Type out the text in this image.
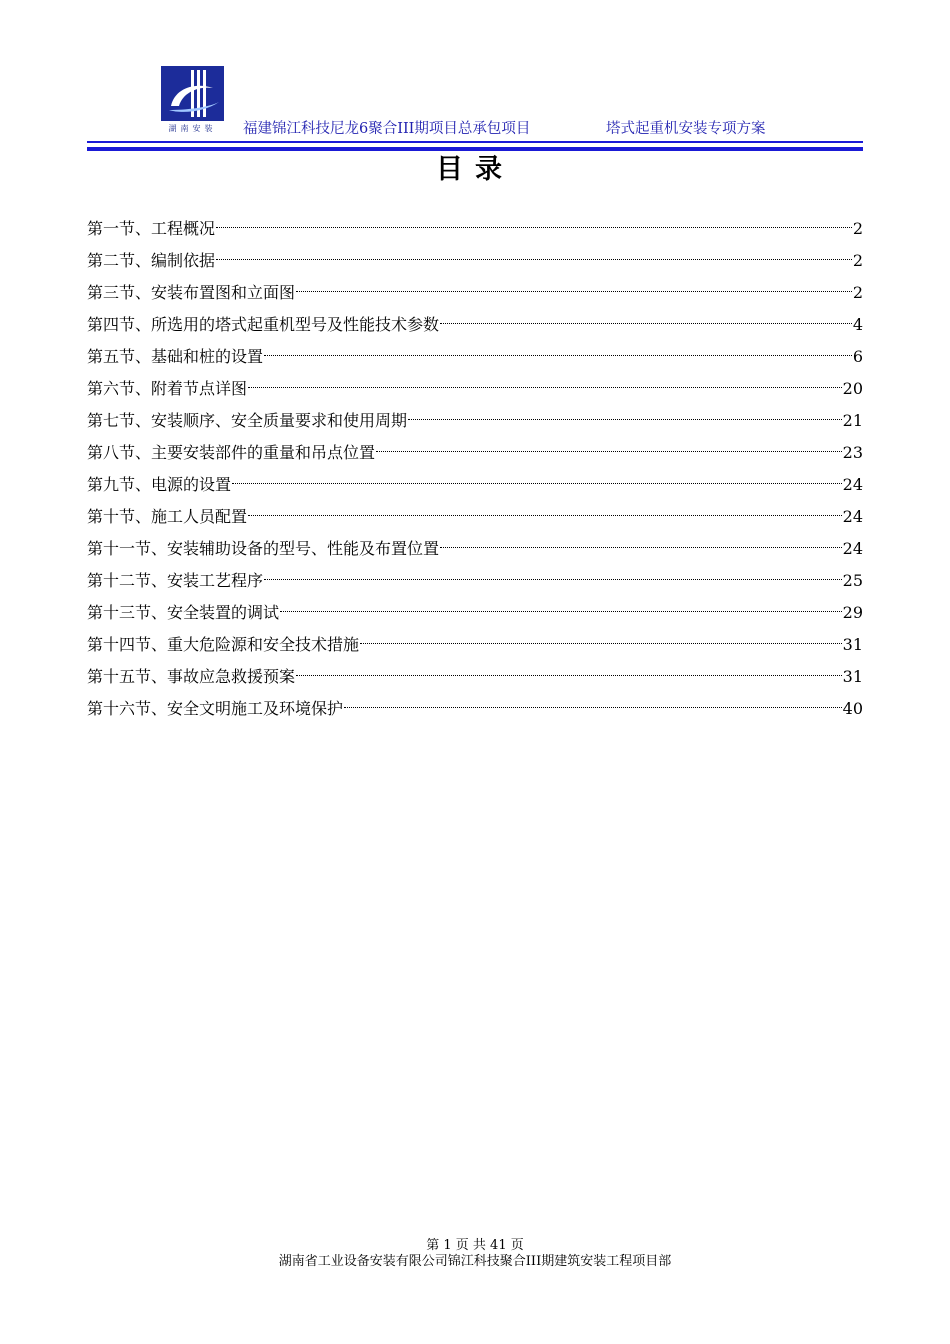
湖南安装	福建锦江科技尼龙6聚合III期项目总承包项目	塔式起重机安装专项方案
目录
第一节、工程概况	2
第二节、编制依据	2
第三节、安装布置图和立面图	2
第四节、所选用的塔式起重机型号及性能技术参数	4
第五节、基础和桩的设置	6
第六节、附着节点详图	20
第七节、安装顺序、安全质量要求和使用周期	21
第八节、主要安装部件的重量和吊点位置	23
第九节、电源的设置	24
第十节、施工人员配置	24
第十一节、安装辅助设备的型号、性能及布置位置	24
第十二节、安装工艺程序	25
第十三节、安全装置的调试	29
第十四节、重大危险源和安全技术措施	31
第十五节、事故应急救援预案	31
第十六节、安全文明施工及环境保护	40
第 1 页 共 41 页
湖南省工业设备安装有限公司锦江科技聚合III期建筑安装工程项目部
